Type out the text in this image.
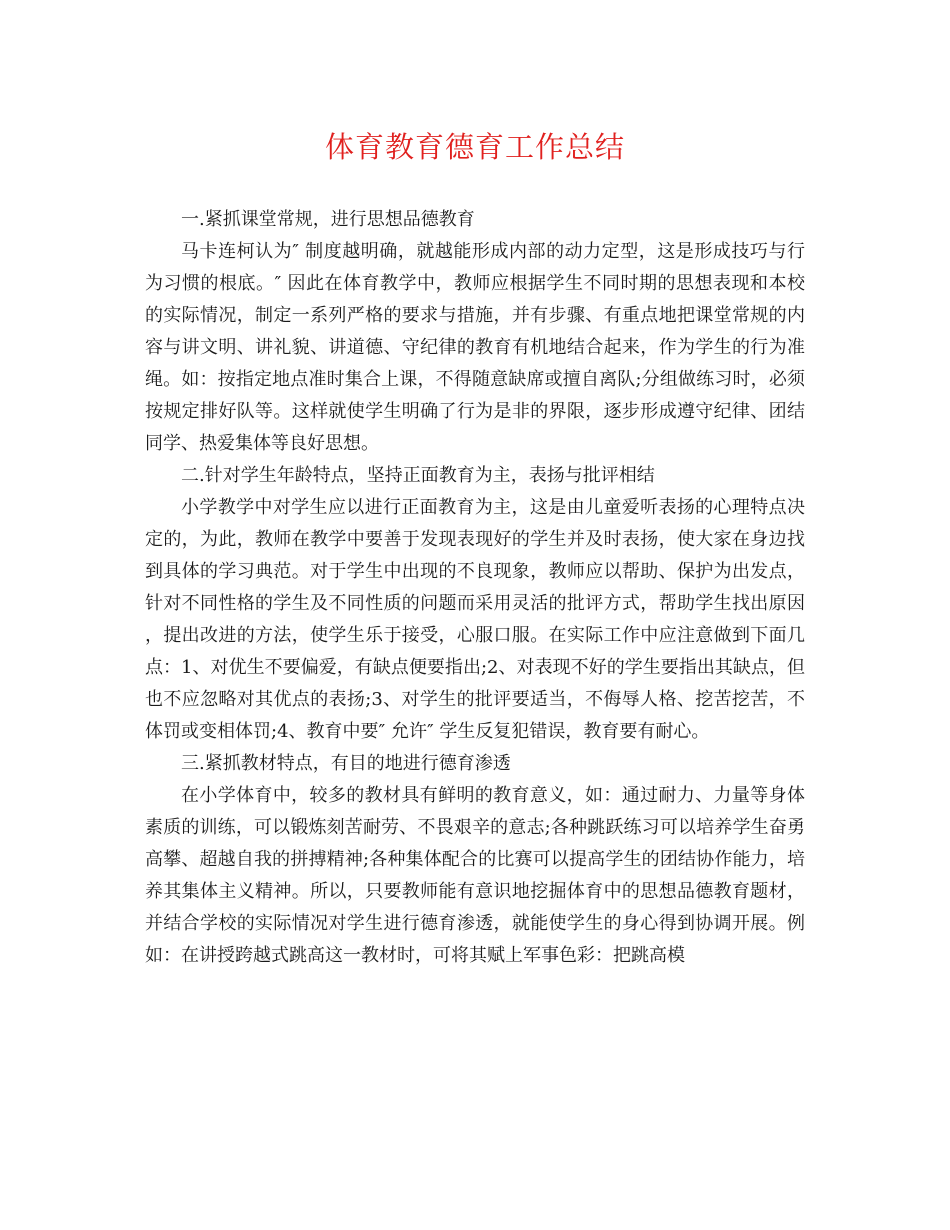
体育教育德育工作总结

一.紧抓课堂常规，进行思想品德教育

马卡连柯认为″ 制度越明确，就越能形成内部的动力定型，这是形成技巧与行为习惯的根底。″ 因此在体育教学中，教师应根据学生不同时期的思想表现和本校的实际情况，制定一系列严格的要求与措施，并有步骤、有重点地把课堂常规的内容与讲文明、讲礼貌、讲道德、守纪律的教育有机地结合起来，作为学生的行为准绳。如：按指定地点准时集合上课，不得随意缺席或擅自离队;分组做练习时，必须按规定排好队等。这样就使学生明确了行为是非的界限，逐步形成遵守纪律、团结同学、热爱集体等良好思想。

二.针对学生年龄特点，坚持正面教育为主，表扬与批评相结

小学教学中对学生应以进行正面教育为主，这是由儿童爱听表扬的心理特点决定的，为此，教师在教学中要善于发现表现好的学生并及时表扬，使大家在身边找到具体的学习典范。对于学生中出现的不良现象，教师应以帮助、保护为出发点，针对不同性格的学生及不同性质的问题而采用灵活的批评方式，帮助学生找出原因，提出改进的方法，使学生乐于接受，心服口服。在实际工作中应注意做到下面几点：1、对优生不要偏爱，有缺点便要指出;2、对表现不好的学生要指出其缺点，但也不应忽略对其优点的表扬;3、对学生的批评要适当，不侮辱人格、挖苦挖苦，不体罚或变相体罚;4、教育中要″ 允许″ 学生反复犯错误，教育要有耐心。

三.紧抓教材特点，有目的地进行德育渗透

在小学体育中，较多的教材具有鲜明的教育意义，如：通过耐力、力量等身体素质的训练，可以锻炼刻苦耐劳、不畏艰辛的意志;各种跳跃练习可以培养学生奋勇高攀、超越自我的拼搏精神;各种集体配合的比赛可以提高学生的团结协作能力，培养其集体主义精神。所以，只要教师能有意识地挖掘体育中的思想品德教育题材，并结合学校的实际情况对学生进行德育渗透，就能使学生的身心得到协调开展。例如：在讲授跨越式跳高这一教材时，可将其赋上军事色彩：把跳高模
